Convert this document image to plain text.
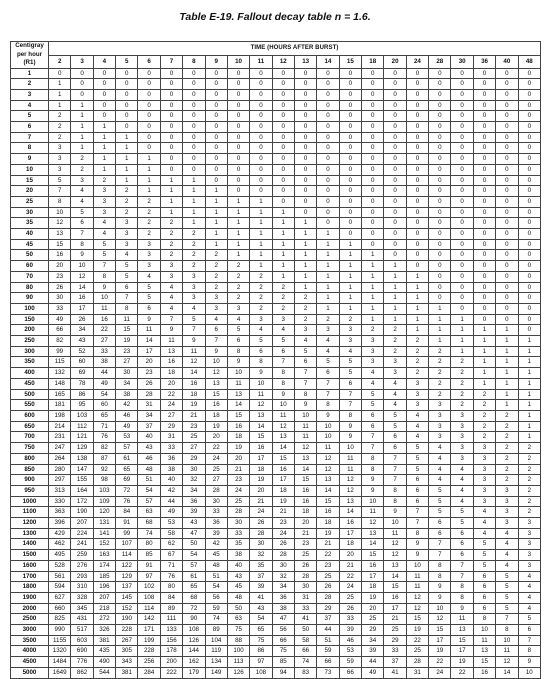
Table E-19. Fallout decay table n = 1.6.
Centigray
per hour
(R1)	TIME (HOURS AFTER BURST)																					
	2	3	4	5	6	7	8	9	10	11	12	13	14	15	18	20	24	28	30	36	40	48
1	0	0	0	0	0	0	0	0	0	0	0	0	0	0	0	0	0	0	0	0	0	0
2	1	0	0	0	0	0	0	0	0	0	0	0	0	0	0	0	0	0	0	0	0	0
3	1	0	0	0	0	0	0	0	0	0	0	0	0	0	0	0	0	0	0	0	0	0
4	1	1	0	0	0	0	0	0	0	0	0	0	0	0	0	0	0	0	0	0	0	0
5	2	1	0	0	0	0	0	0	0	0	0	0	0	0	0	0	0	0	0	0	0	0
6	2	1	1	0	0	0	0	0	0	0	0	0	0	0	0	0	0	0	0	0	0	0
7	2	1	1	1	0	0	0	0	0	0	0	0	0	0	0	0	0	0	0	0	0	0
8	3	1	1	1	0	0	0	0	0	0	0	0	0	0	0	0	0	0	0	0	0	0
9	3	2	1	1	1	0	0	0	0	0	0	0	0	0	0	0	0	0	0	0	0	0
10	3	2	1	1	1	0	0	0	0	0	0	0	0	0	0	0	0	0	0	0	0	0
15	5	3	2	1	1	1	1	0	0	0	0	0	0	0	0	0	0	0	0	0	0	0
20	7	4	3	2	1	1	1	1	0	0	0	0	0	0	0	0	0	0	0	0	0	0
25	8	4	3	2	2	1	1	1	1	1	0	0	0	0	0	0	0	0	0	0	0	0
30	10	5	3	2	2	1	1	1	1	1	1	0	0	0	0	0	0	0	0	0	0	0
35	12	6	4	3	2	2	1	1	1	1	1	1	0	0	0	0	0	0	0	0	0	0
40	13	7	4	3	2	2	2	1	1	1	1	1	1	0	0	0	0	0	0	0	0	0
45	15	8	5	3	3	2	2	1	1	1	1	1	1	1	0	0	0	0	0	0	0	0
50	16	9	5	4	3	2	2	2	1	1	1	1	1	1	1	0	0	0	0	0	0	0
60	20	10	7	5	3	3	2	2	2	1	1	1	1	1	1	1	0	0	0	0	0	0
70	23	12	8	5	4	3	3	2	2	2	1	1	1	1	1	1	1	0	0	0	0	0
80	26	14	9	6	5	4	3	2	2	2	2	1	1	1	1	1	1	0	0	0	0	0
90	30	16	10	7	5	4	3	3	2	2	2	2	1	1	1	1	1	0	0	0	0	0
100	33	17	11	8	6	4	4	3	3	2	2	2	1	1	1	1	1	1	0	0	0	0
150	49	26	16	11	9	7	5	4	4	3	3	2	2	2	1	1	1	1	1	0	0	0
200	66	34	22	15	11	9	7	6	5	4	4	3	3	3	2	2	1	1	1	1	1	0
250	82	43	27	19	14	11	9	7	6	5	5	4	4	3	3	2	2	1	1	1	1	1
300	99	52	33	23	17	13	11	9	8	6	6	5	4	4	3	2	2	2	1	1	1	1
350	115	60	38	27	20	16	12	10	9	8	7	6	5	5	3	3	2	2	2	1	1	1
400	132	69	44	30	23	18	14	12	10	9	8	7	6	5	4	3	2	2	2	1	1	1
450	148	78	49	34	26	20	16	13	11	10	8	7	7	6	4	4	3	2	2	1	1	1
500	165	86	54	38	28	22	18	15	13	11	9	8	7	7	5	4	3	2	2	2	1	1
550	181	95	60	42	31	24	19	16	14	12	10	9	8	7	5	4	3	3	2	2	1	1
600	198	103	65	46	34	27	21	18	15	13	11	10	9	8	6	5	4	3	3	2	2	1
650	214	112	71	49	37	29	23	19	16	14	12	11	10	9	6	5	4	3	3	2	2	1
700	231	121	76	53	40	31	25	20	18	15	13	11	10	9	7	6	4	3	3	2	2	1
750	247	129	82	57	43	33	27	22	19	16	14	12	11	10	7	6	5	4	3	3	2	2
800	264	138	87	61	46	36	29	24	20	17	15	13	12	11	8	7	5	4	3	3	2	2
850	280	147	92	65	48	38	30	25	21	18	16	14	12	11	8	7	5	4	4	3	2	2
900	297	155	98	69	51	40	32	27	23	19	17	15	13	12	9	7	6	4	4	3	2	2
950	313	164	103	72	54	42	34	28	24	20	18	16	14	12	9	8	6	5	4	3	3	2
1000	330	172	109	76	57	44	36	30	25	21	19	16	15	13	10	8	6	5	4	3	3	2
1100	363	190	120	84	63	49	39	33	28	24	21	18	16	14	11	9	7	5	5	4	3	2
1200	396	207	131	91	68	53	43	36	30	26	23	20	18	16	12	10	7	6	5	4	3	3
1300	429	224	141	99	74	58	47	39	33	28	24	21	19	17	13	11	8	6	6	4	4	3
1400	462	241	152	107	80	62	50	42	35	30	26	23	21	18	14	12	9	7	6	5	4	3
1500	495	259	163	114	85	67	54	45	38	32	28	25	22	20	15	12	9	7	6	5	4	3
1600	528	276	174	122	91	71	57	48	40	35	30	26	23	21	16	13	10	8	7	5	4	3
1700	561	293	185	129	97	76	61	51	43	37	32	28	25	22	17	14	11	8	7	6	5	4
1800	594	310	196	137	102	80	65	54	45	39	34	30	26	24	18	15	11	9	8	6	5	4
1900	627	328	207	145	108	84	68	56	48	41	36	31	28	25	19	16	12	9	8	6	5	4
2000	660	345	218	152	114	89	72	59	50	43	38	33	29	26	20	17	12	10	9	6	5	4
2500	825	431	272	190	142	111	90	74	63	54	47	41	37	33	25	21	15	12	11	8	7	5
3000	990	517	326	228	171	133	108	89	75	65	56	50	44	39	29	25	19	15	13	10	8	6
3500	1155	603	381	267	199	156	126	104	88	75	66	58	51	46	34	29	22	17	15	11	10	7
4000	1320	690	435	305	228	178	144	119	100	86	75	66	59	53	39	33	25	19	17	13	11	8
4500	1484	776	490	343	256	200	162	134	113	97	85	74	66	59	44	37	28	22	19	15	12	9
5000	1649	862	544	381	284	222	179	149	126	108	94	83	73	66	49	41	31	24	22	16	14	10
